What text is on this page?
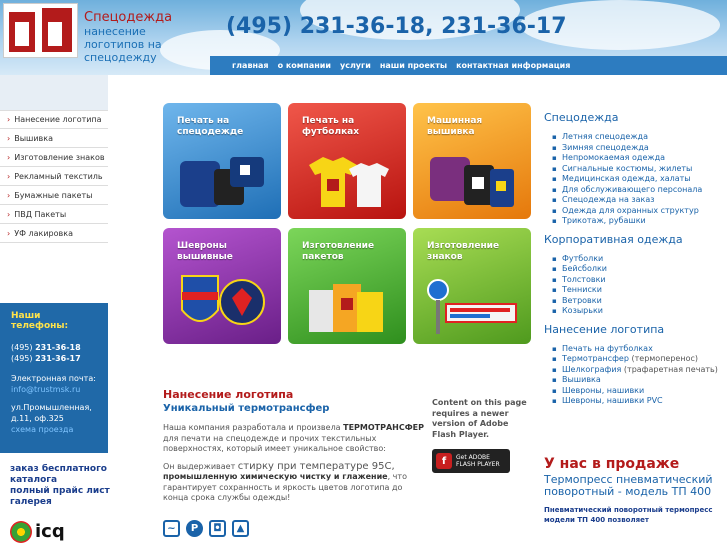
Спецодежда
нанесение логотипов на спецодежду
(495) 231-36-18, 231-36-17
главная о компании услуги наши проекты контактная информация
› Нанесение логотипа
› Вышивка
› Изготовление знаков
› Рекламный текстиль
› Бумажные пакеты
› ПВД Пакеты
› УФ лакировка
Наши телефоны:
(495) 231-36-18
(495) 231-36-17
Электронная почта:
info@trustmsk.ru
ул.Промышленная,
д.11, оф.325
схема проезда
заказ бесплатного каталога
полный прайс лист
галерея
icq
Печать на спецодежде
Печать на футболках
Машинная вышивка
Шевроны вышивные
Изготовление пакетов
Изготовление знаков
Спецодежда
▪ Летняя спецодежда
▪ Зимняя спецодежда
▪ Непромокаемая одежда
▪ Сигнальные костюмы, жилеты
▪ Медицинская одежда, халаты
▪ Для обслуживающего персонала
▪ Спецодежда на заказ
▪ Одежда для охранных структур
▪ Трикотаж, рубашки
Корпоративная одежда
▪ Футболки
▪ Бейсболки
▪ Толстовки
▪ Тенниски
▪ Ветровки
▪ Козырьки
Нанесение логотипа
▪ Печать на футболках
▪ Термотрансфер (термоперенос)
▪ Шелкография (трафаретная печать)
▪ Вышивка
▪ Шевроны, нашивки
▪ Шевроны, нашивки PVC
Нанесение логотипа
Уникальный термотрансфер

Наша компания разработала и произвела ТЕРМОТРАНСФЕР для печати на спецодежде и прочих текстильных поверхностях, который имеет уникальное свойство:

Он выдерживает стирку при температуре 95С, промышленную химическую чистку и глажение, что гарантирует сохранность и яркость цветов логотипа до конца срока службы одежды!

Content on this page requires a newer version of Adobe Flash Player.
f	Get ADOBE
FLASH PLAYER
~	P	◘	▲
У нас в продаже
Термопресс пневматический поворотный - модель ТП 400
Пневматический поворотный термопресс модели ТП 400 позволяет
